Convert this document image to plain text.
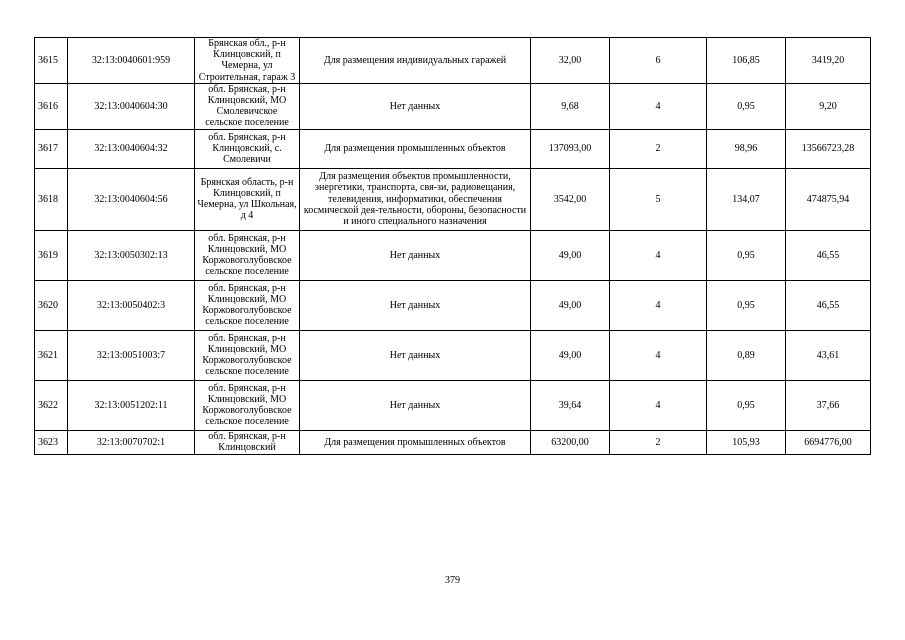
3615	32:13:0040601:959	Брянская обл., р-н Клинцовский, п Чемерна, ул Строительная, гараж 3	Для размещения индивидуальных гаражей	32,00	6	106,85	3419,20
3616	32:13:0040604:30	обл. Брянская, р-н Клинцовский, МО Смолевичское сельское поселение	Нет данных	9,68	4	0,95	9,20
3617	32:13:0040604:32	обл. Брянская, р-н Клинцовский, с. Смолевичи	Для размещения промышленных объектов	137093,00	2	98,96	13566723,28
3618	32:13:0040604:56	Брянская область, р-н Клинцовский, п Чемерна, ул Школьная, д 4	Для размещения объектов промышленности, энергетики, транспорта, свя-зи, радиовещания, телевидения, информатики, обеспечения космической дея-тельности, обороны, безопасности и иного специального назначения	3542,00	5	134,07	474875,94
3619	32:13:0050302:13	обл. Брянская, р-н Клинцовский, МО Коржовоголубовское сельское поселение	Нет данных	49,00	4	0,95	46,55
3620	32:13:0050402:3	обл. Брянская, р-н Клинцовский, МО Коржовоголубовское сельское поселение	Нет данных	49,00	4	0,95	46,55
3621	32:13:0051003:7	обл. Брянская, р-н Клинцовский, МО Коржовоголубовское сельское поселение	Нет данных	49,00	4	0,89	43,61
3622	32:13:0051202:11	обл. Брянская, р-н Клинцовский, МО Коржовоголубовское сельское поселение	Нет данных	39,64	4	0,95	37,66
3623	32:13:0070702:1	обл. Брянская, р-н Клинцовский	Для размещения промышленных объектов	63200,00	2	105,93	6694776,00
379
